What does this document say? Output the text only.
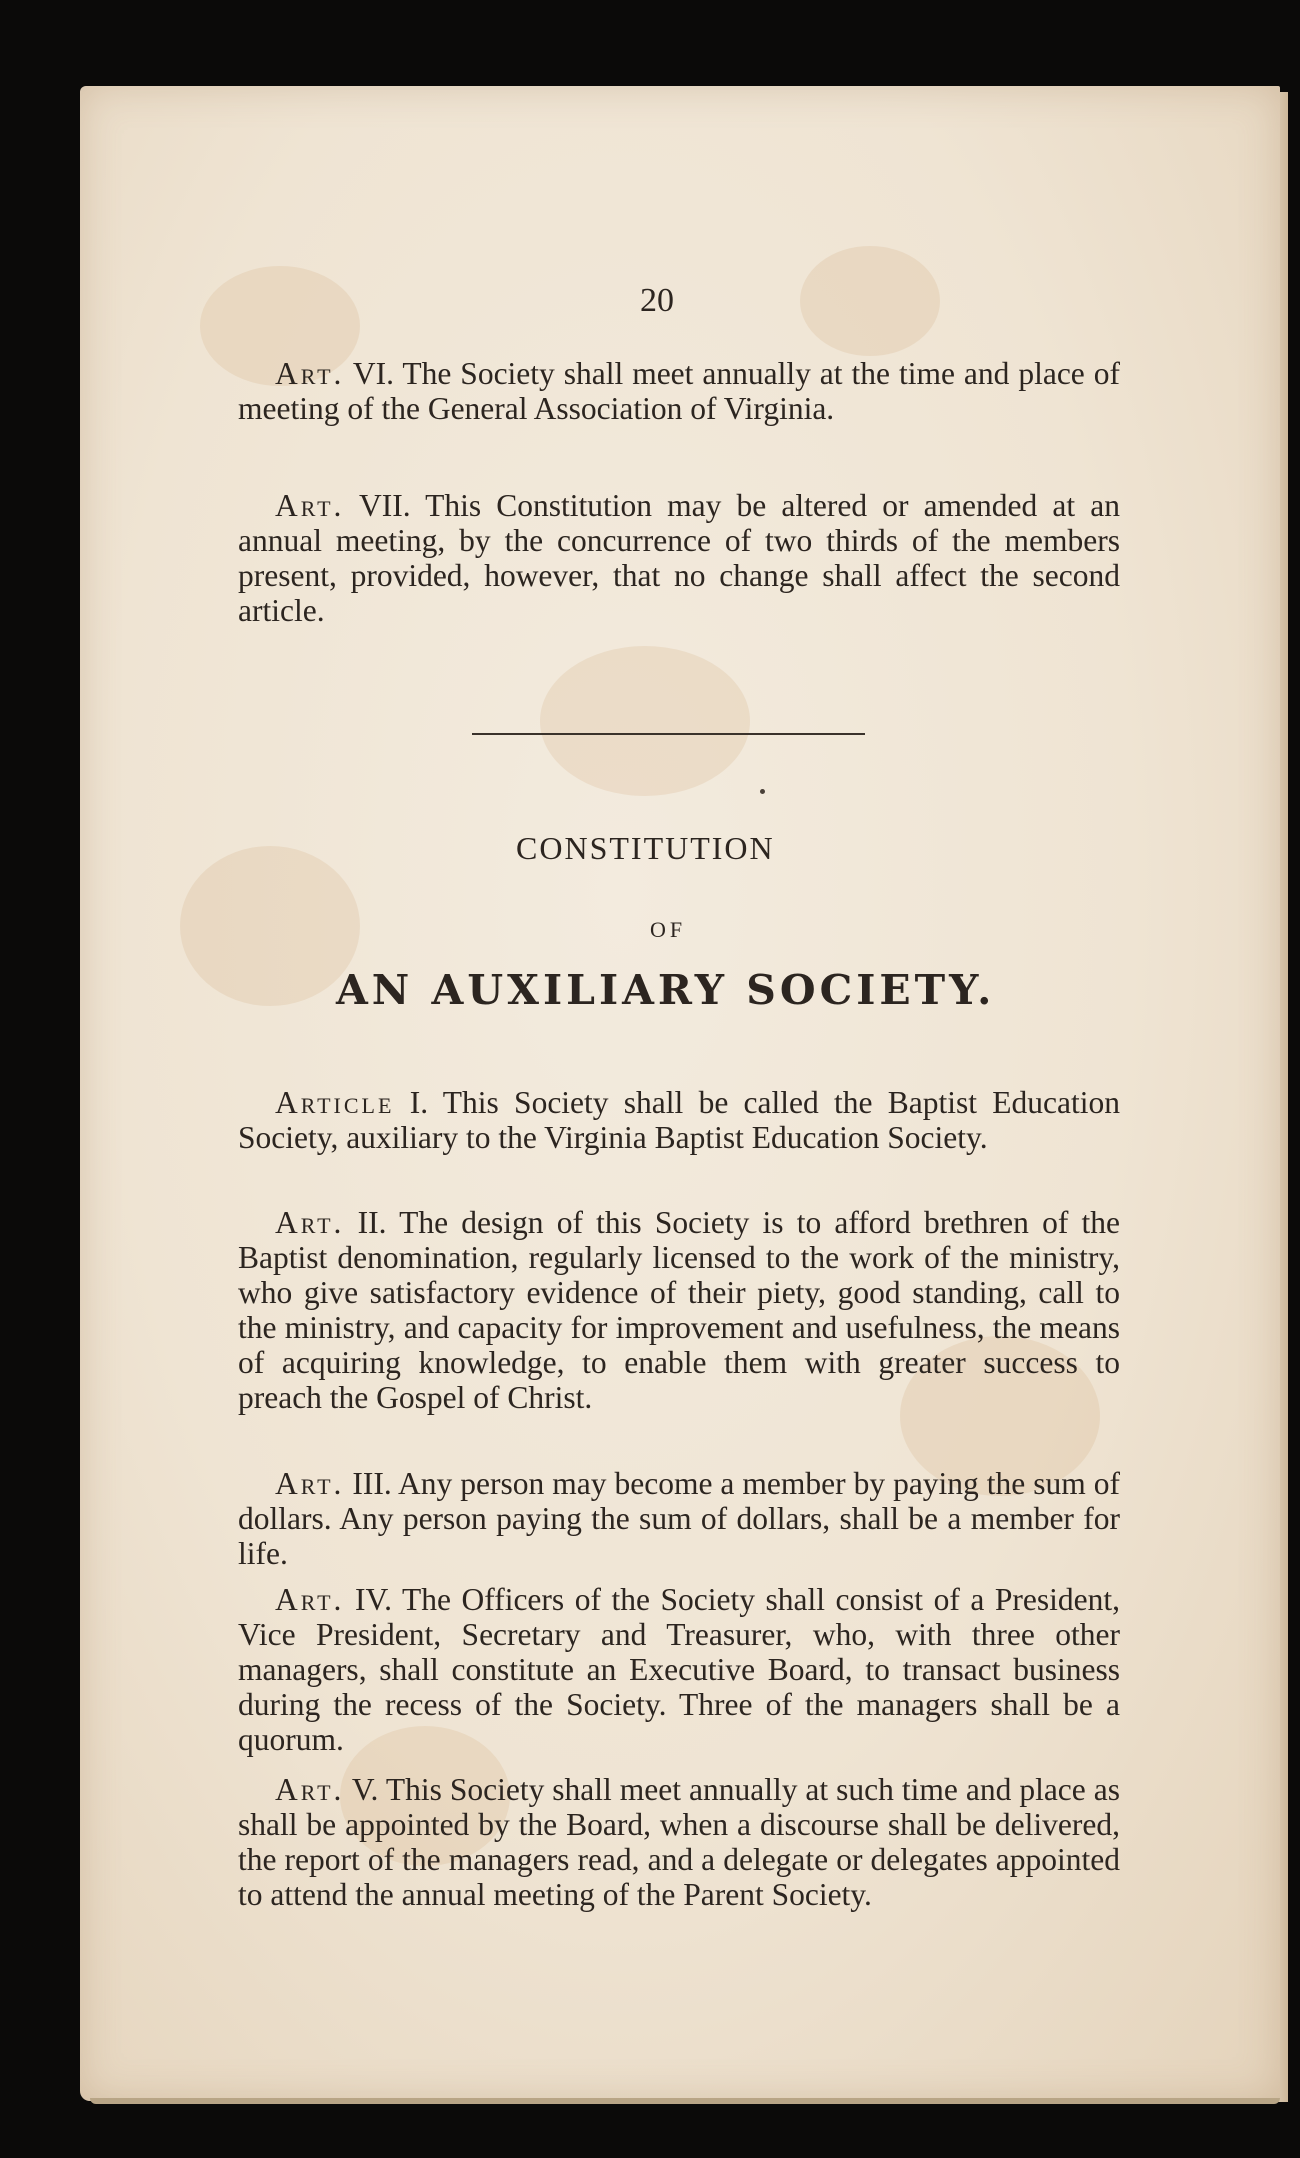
20

Art. VI. The Society shall meet annually at the time and place of meeting of the General Association of Virginia.

Art. VII. This Constitution may be altered or amended at an annual meeting, by the concurrence of two thirds of the members present, provided, however, that no change shall affect the second article.

CONSTITUTION
OF
AN AUXILIARY SOCIETY.

Article I. This Society shall be called the Baptist Education Society, auxiliary to the Virginia Baptist Education Society.

Art. II. The design of this Society is to afford brethren of the Baptist denomination, regularly licensed to the work of the ministry, who give satisfactory evidence of their piety, good standing, call to the ministry, and capacity for improvement and usefulness, the means of acquiring knowledge, to enable them with greater success to preach the Gospel of Christ.

Art. III. Any person may become a member by paying the sum of dollars. Any person paying the sum of dollars, shall be a member for life.

Art. IV. The Officers of the Society shall consist of a President, Vice President, Secretary and Treasurer, who, with three other managers, shall constitute an Executive Board, to transact business during the recess of the Society. Three of the managers shall be a quorum.

Art. V. This Society shall meet annually at such time and place as shall be appointed by the Board, when a discourse shall be delivered, the report of the managers read, and a delegate or delegates appointed to attend the annual meeting of the Parent Society.
